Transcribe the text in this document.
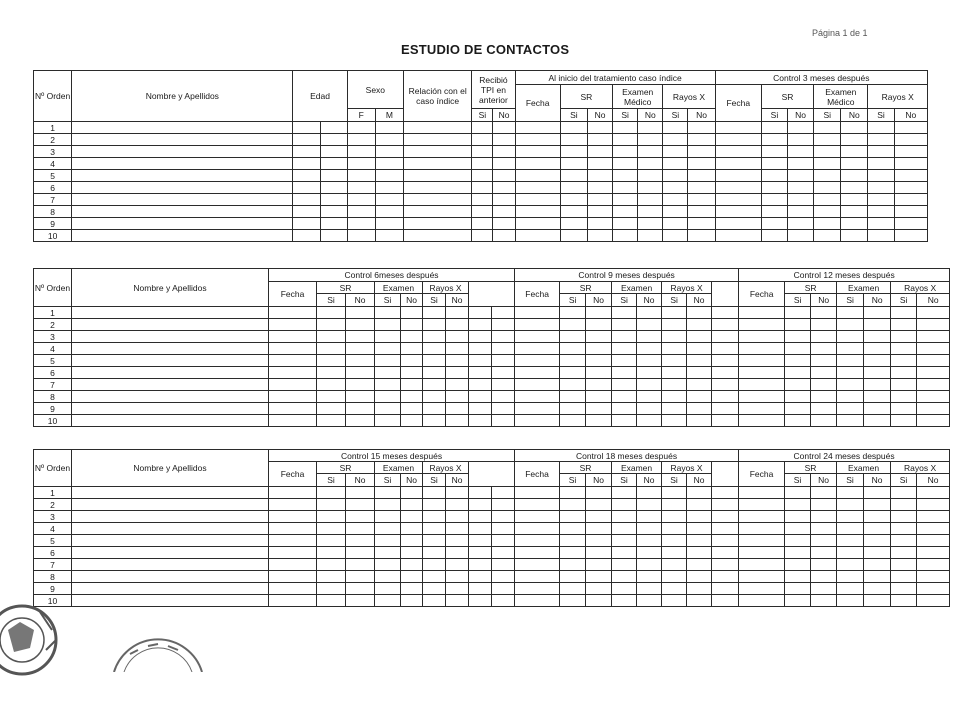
Página 1 de 1
ESTUDIO DE CONTACTOS
Nº Orden	Nombre y Apellidos	Edad		Sexo		Relación con el caso índice	Recibió TPI en anterior		Al inicio del tratamiento caso índice							Control 3 meses después						
									Fecha	SR		Examen Médico		Rayos X		Fecha	SR		Examen Médico		Rayos X	
				F	M		Si	No		Si	No	Si	No	Si	No		Si	No	Si	No	Si	No
1																						
2																						
3																						
4																						
5																						
6																						
7																						
8																						
9																						
10																						
Nº Orden	Nombre y Apellidos	Control 6meses después									Control 9 meses después								Control 12 meses después						
		Fecha	SR		Examen		Rayos X				Fecha	SR		Examen		Rayos X			Fecha	SR		Examen		Rayos X	
			Si	No	Si	No	Si	No				Si	No	Si	No	Si	No			Si	No	Si	No	Si	No
1																									
2																									
3																									
4																									
5																									
6																									
7																									
8																									
9																									
10																									
Nº Orden	Nombre y Apellidos	Control 15 meses después									Control 18 meses después								Control 24 meses después						
		Fecha	SR		Examen		Rayos X				Fecha	SR		Examen		Rayos X			Fecha	SR		Examen		Rayos X	
			Si	No	Si	No	Si	No				Si	No	Si	No	Si	No			Si	No	Si	No	Si	No
1																									
2																									
3																									
4																									
5																									
6																									
7																									
8																									
9																									
10																									
